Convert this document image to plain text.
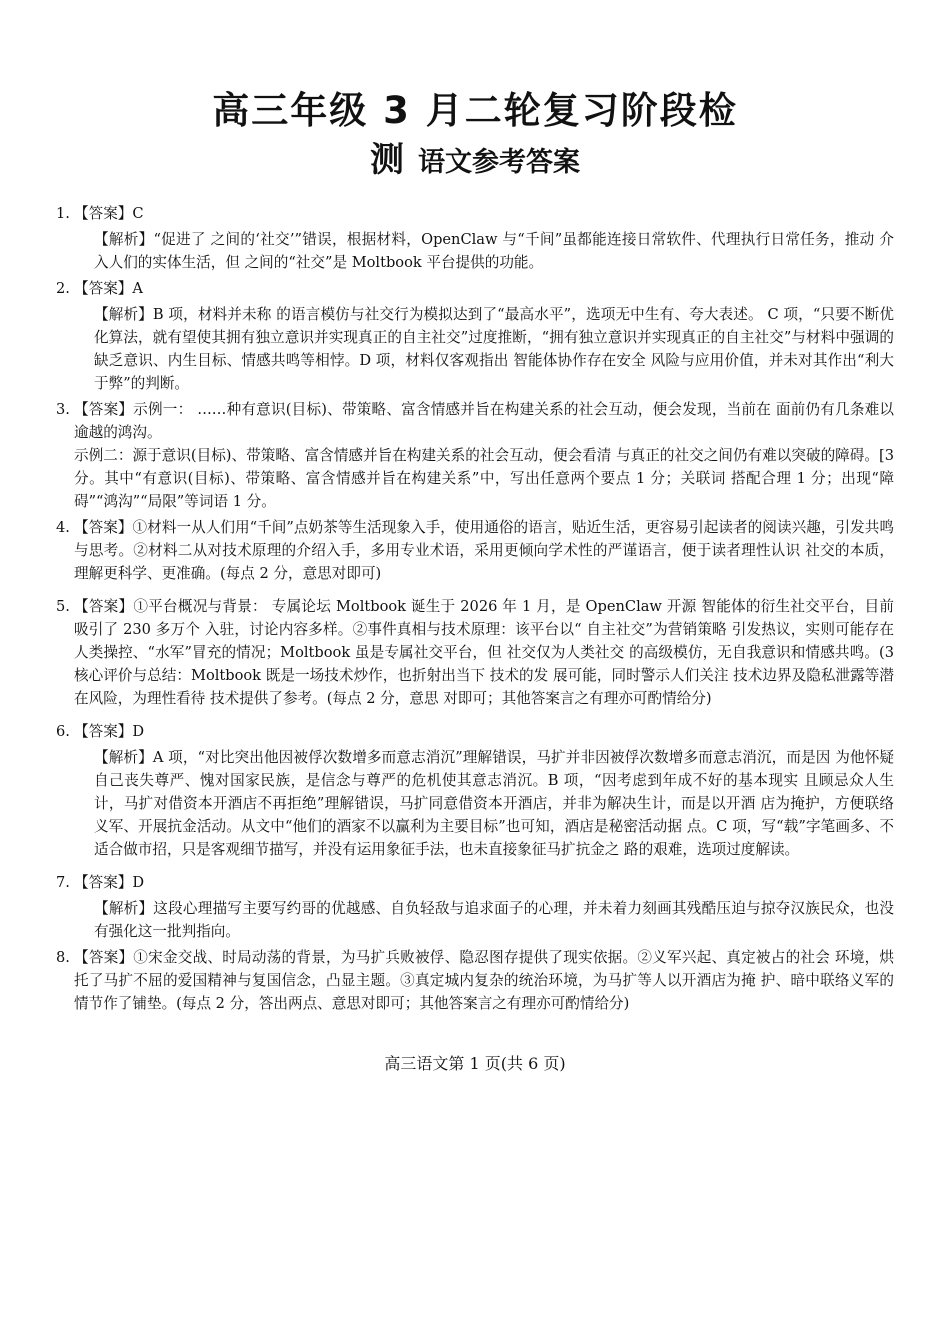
高三年级 3 月二轮复习阶段检
测 语文参考答案
1. 【答案】C

【解析】“促进了 之间的‘社交’”错误，根据材料，OpenClaw 与“千间”虽都能连接日常软件、代理执行日常任务，推动 介入人们的实体生活，但 之间的“社交”是 Moltbook 平台提供的功能。

2. 【答案】A

【解析】B 项，材料并未称 的语言模仿与社交行为模拟达到了“最高水平”，选项无中生有、夸大表述。 C 项，“只要不断优化算法，就有望使其拥有独立意识并实现真正的自主社交”过度推断，“拥有独立意识并实现真正的自主社交”与材料中强调的 缺乏意识、内生目标、情感共鸣等相悖。D 项，材料仅客观指出 智能体协作存在安全 风险与应用价值，并未对其作出“利大于弊”的判断。

3. 【答案】示例一： ……种有意识(目标)、带策略、富含情感并旨在构建关系的社会互动，便会发现，当前在 面前仍有几条难以逾越的鸿沟。

示例二：源于意识(目标)、带策略、富含情感并旨在构建关系的社会互动，便会看清 与真正的社交之间仍有难以突破的障碍。[3 分。其中“有意识(目标)、带策略、富含情感并旨在构建关系”中，写出任意两个要点 1 分；关联词 搭配合理 1 分；出现“障碍”“鸿沟”“局限”等词语 1 分。

4. 【答案】①材料一从人们用“千间”点奶茶等生活现象入手，使用通俗的语言，贴近生活，更容易引起读者的阅读兴趣，引发共鸣与思考。②材料二从对技术原理的介绍入手，多用专业术语，采用更倾向学术性的严谨语言，便于读者理性认识 社交的本质，理解更科学、更准确。(每点 2 分，意思对即可)

5. 【答案】①平台概况与背景： 专属论坛 Moltbook 诞生于 2026 年 1 月，是 OpenClaw 开源 智能体的衍生社交平台，目前吸引了 230 多万个 入驻，讨论内容多样。②事件真相与技术原理：该平台以“ 自主社交”为营销策略 引发热议，实则可能存在人类操控、“水军”冒充的情况；Moltbook 虽是专属社交平台，但 社交仅为人类社交 的高级模仿，无自我意识和情感共鸣。(3 核心评价与总结：Moltbook 既是一场技术炒作，也折射出当下 技术的发 展可能，同时警示人们关注 技术边界及隐私泄露等潜在风险，为理性看待 技术提供了参考。(每点 2 分，意思 对即可；其他答案言之有理亦可酌情给分)

6. 【答案】D

【解析】A 项，“对比突出他因被俘次数增多而意志消沉”理解错误，马扩并非因被俘次数增多而意志消沉，而是因 为他怀疑自己丧失尊严、愧对国家民族，是信念与尊严的危机使其意志消沉。B 项，“因考虑到年成不好的基本现实 且顾忌众人生计，马扩对借资本开酒店不再拒绝”理解错误，马扩同意借资本开酒店，并非为解决生计，而是以开酒 店为掩护，方便联络义军、开展抗金活动。从文中“他们的酒家不以赢利为主要目标”也可知，酒店是秘密活动据 点。C 项，写“载”字笔画多、不适合做市招，只是客观细节描写，并没有运用象征手法，也未直接象征马扩抗金之 路的艰难，选项过度解读。

7. 【答案】D

【解析】这段心理描写主要写约哥的优越感、自负轻敌与追求面子的心理，并未着力刻画其残酷压迫与掠夺汉族民众，也没有强化这一批判指向。

8. 【答案】①宋金交战、时局动荡的背景，为马扩兵败被俘、隐忍图存提供了现实依据。②义军兴起、真定被占的社会 环境，烘托了马扩不屈的爱国精神与复国信念，凸显主题。③真定城内复杂的统治环境，为马扩等人以开酒店为掩 护、暗中联络义军的情节作了铺垫。(每点 2 分，答出两点、意思对即可；其他答案言之有理亦可酌情给分)

高三语文第 1 页(共 6 页)
